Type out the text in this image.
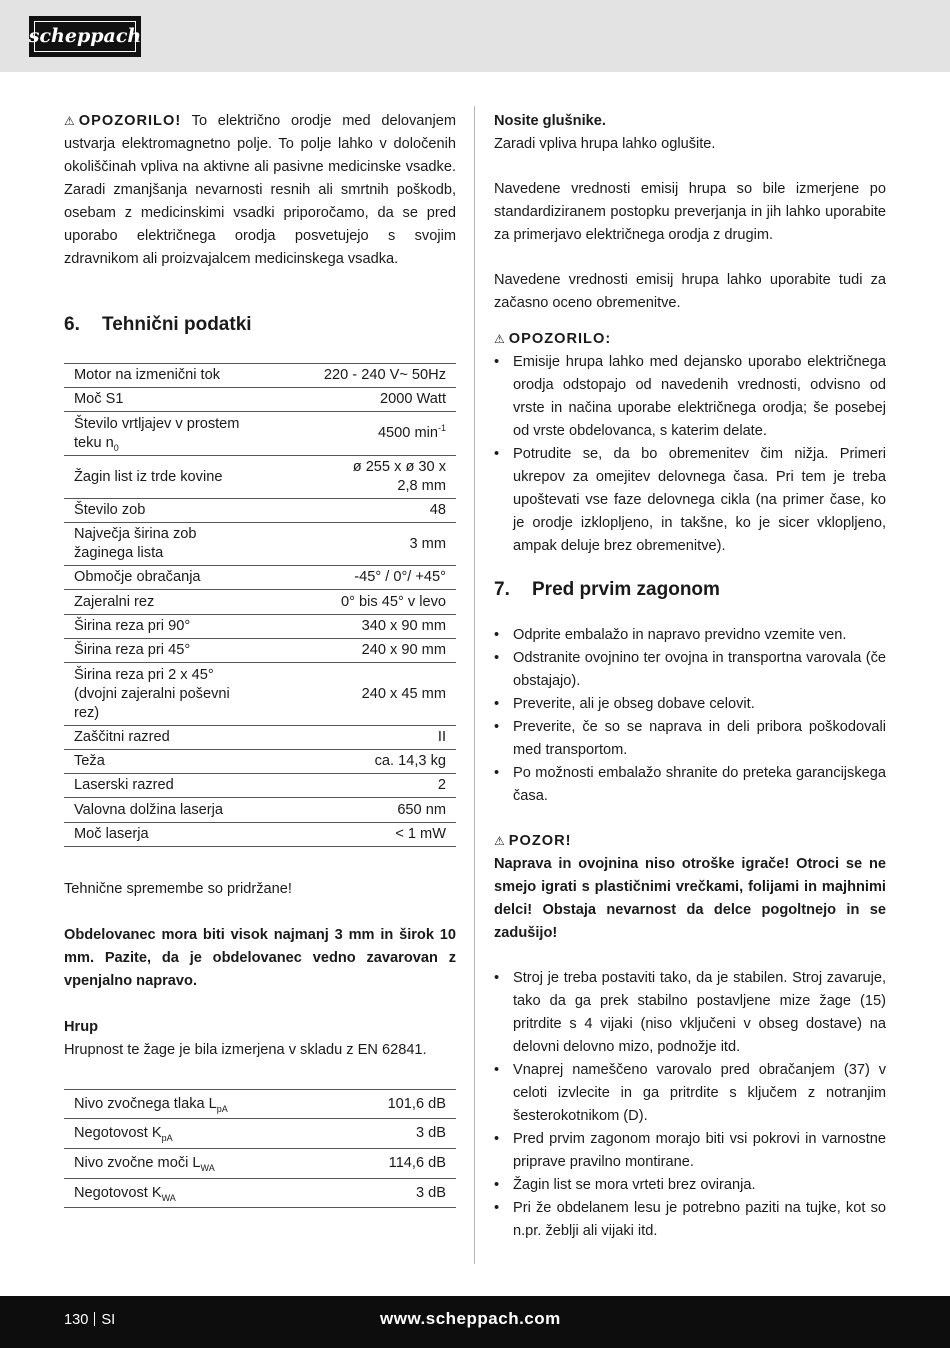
scheppach

⚠ OPOZORILO! To električno orodje med delovanjem ustvarja elektromagnetno polje. To polje lahko v določenih okoliščinah vpliva na aktivne ali pasivne medicinske vsadke. Zaradi zmanjšanja nevarnosti resnih ali smrtnih poškodb, osebam z medicinskimi vsadki priporočamo, da se pred uporabo električnega orodja posvetujejo s svojim zdravnikom ali proizvajalcem medicinskega vsadka.

6. Tehnični podatki
Motor na izmenični tok	220 - 240 V~ 50Hz
Moč S1	2000 Watt
Število vrtljajev v prostem teku $n_0$	4500 $\min^{-1}$
Žagin list iz trde kovine	ø 255 x ø 30 x
2,8 mm

Število zob	48
Največja širina zob žaginega lista	3 mm
Območje obračanja	-45° / 0°/ +45°
Zajeralni rez	0° bis 45° v levo
Širina reza pri 90°	340 x 90 mm
Širina reza pri 45°	240 x 90 mm
Širina reza pri 2 x 45° (dvojni zajeralni poševni rez)	240 x 45 mm
Zaščitni razred	II
Teža	ca. 14,3 kg
Laserski razred	2
Valovna dolžina laserja	650 nm
Moč laserja	< 1 mW

Tehnične spremembe so pridržane!

Obdelovanec mora biti visok najmanj 3 mm in širok 10 mm. Pazite, da je obdelovanec vedno zavarovan z vpenjalno napravo.

Hrup

Hrupnost te žage je bila izmerjena v skladu z EN 62841.

Nivo zvočnega tlaka $L_{pA}$	101,6 dB
Negotovost $K_{pA}$	3 dB
Nivo zvočne moči $L_{WA}$	114,6 dB
Negotovost $K_{WA}$	3 dB

Nosite glušnike.

Zaradi vpliva hrupa lahko oglušite.

Navedene vrednosti emisij hrupa so bile izmerjene po standardiziranem postopku preverjanja in jih lahko uporabite za primerjavo električnega orodja z drugim.

Navedene vrednosti emisij hrupa lahko uporabite tudi za začasno oceno obremenitve.

⚠ OPOZORILO:

• Emisije hrupa lahko med dejansko uporabo električnega orodja odstopajo od navedenih vrednosti, odvisno od vrste in načina uporabe električnega orodja; še posebej od vrste obdelovanca, s katerim delate.
• Potrudite se, da bo obremenitev čim nižja. Primeri ukrepov za omejitev delovnega časa. Pri tem je treba upoštevati vse faze delovnega cikla (na primer čase, ko je orodje izklopljeno, in takšne, ko je sicer vklopljeno, ampak deluje brez obremenitve).
7. Pred prvim zagonom
• Odprite embalažo in napravo previdno vzemite ven.
• Odstranite ovojnino ter ovojna in transportna varovala (če obstajajo).
• Preverite, ali je obseg dobave celovit.
• Preverite, če so se naprava in deli pribora poškodovali med transportom.
• Po možnosti embalažo shranite do preteka garancijskega časa.

⚠ POZOR!

Naprava in ovojnina niso otroške igrače! Otroci se ne smejo igrati s plastičnimi vrečkami, folijami in majhnimi delci! Obstaja nevarnost da delce pogoltnejo in se zadušijo!

• Stroj je treba postaviti tako, da je stabilen. Stroj zavaruje, tako da ga prek stabilno postavljene mize žage (15) pritrdite s 4 vijaki (niso vključeni v obseg dostave) na delovni delovno mizo, podnožje itd.
• Vnaprej nameščeno varovalo pred obračanjem (37) v celoti izvlecite in ga pritrdite s ključem z notranjim šesterokotnikom (D).
• Pred prvim zagonom morajo biti vsi pokrovi in varnostne priprave pravilno montirane.
• Žagin list se mora vrteti brez oviranja.
• Pri že obdelanem lesu je potrebno paziti na tujke, kot so n.pr. žeblji ali vijaki itd.
130 SI	www.scheppach.com
